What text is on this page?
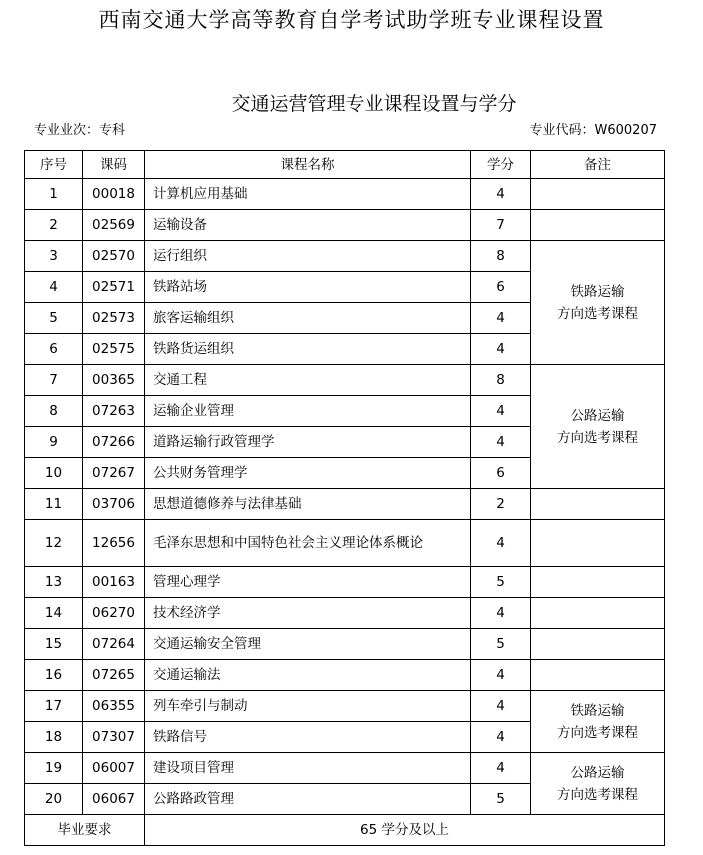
西南交通大学高等教育自学考试助学班专业课程设置
交通运营管理专业课程设置与学分
专业业次：专科	专业代码：W600207
序号	课码	课程名称	学分	备注
1	00018	计算机应用基础	4	
2	02569	运输设备	7	
3	02570	运行组织	8	铁路运输
方向选考课程

4	02571	铁路站场	6	
5	02573	旅客运输组织	4	
6	02575	铁路货运组织	4	
7	00365	交通工程	8	公路运输
方向选考课程

8	07263	运输企业管理	4	
9	07266	道路运输行政管理学	4	
10	07267	公共财务管理学	6	
11	03706	思想道德修养与法律基础	2	
12	12656	毛泽东思想和中国特色社会主义理论体系概论	4	
13	00163	管理心理学	5	
14	06270	技术经济学	4	
15	07264	交通运输安全管理	5	
16	07265	交通运输法	4	
17	06355	列车牵引与制动	4	铁路运输
方向选考课程

18	07307	铁路信号	4	
19	06007	建设项目管理	4	公路运输
方向选考课程

20	06067	公路路政管理	5	
毕业要求		65 学分及以上		
